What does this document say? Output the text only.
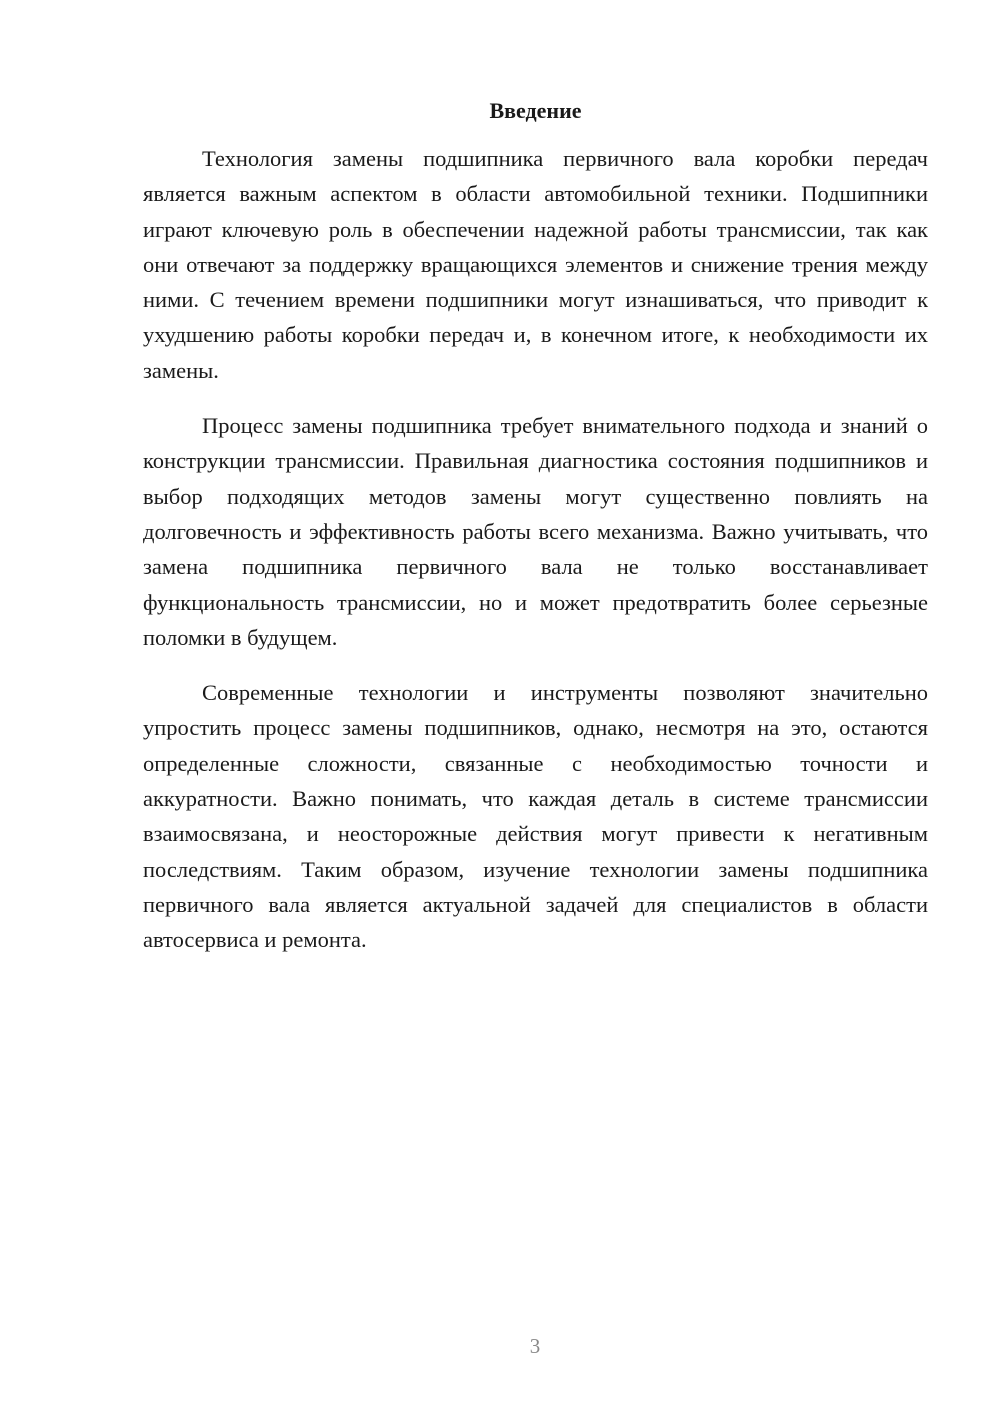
Введение

Технология замены подшипника первичного вала коробки передач является важным аспектом в области автомобильной техники. Подшипники играют ключевую роль в обеспечении надежной работы трансмиссии, так как они отвечают за поддержку вращающихся элементов и снижение трения между ними. С течением времени подшипники могут изнашиваться, что приводит к ухудшению работы коробки передач и, в конечном итоге, к необходимости их замены.

Процесс замены подшипника требует внимательного подхода и знаний о конструкции трансмиссии. Правильная диагностика состояния подшипников и выбор подходящих методов замены могут существенно повлиять на долговечность и эффективность работы всего механизма. Важно учитывать, что замена подшипника первичного вала не только восстанавливает функциональность трансмиссии, но и может предотвратить более серьезные поломки в будущем.

Современные технологии и инструменты позволяют значительно упростить процесс замены подшипников, однако, несмотря на это, остаются определенные сложности, связанные с необходимостью точности и аккуратности. Важно понимать, что каждая деталь в системе трансмиссии взаимосвязана, и неосторожные действия могут привести к негативным последствиям. Таким образом, изучение технологии замены подшипника первичного вала является актуальной задачей для специалистов в области автосервиса и ремонта.

3
